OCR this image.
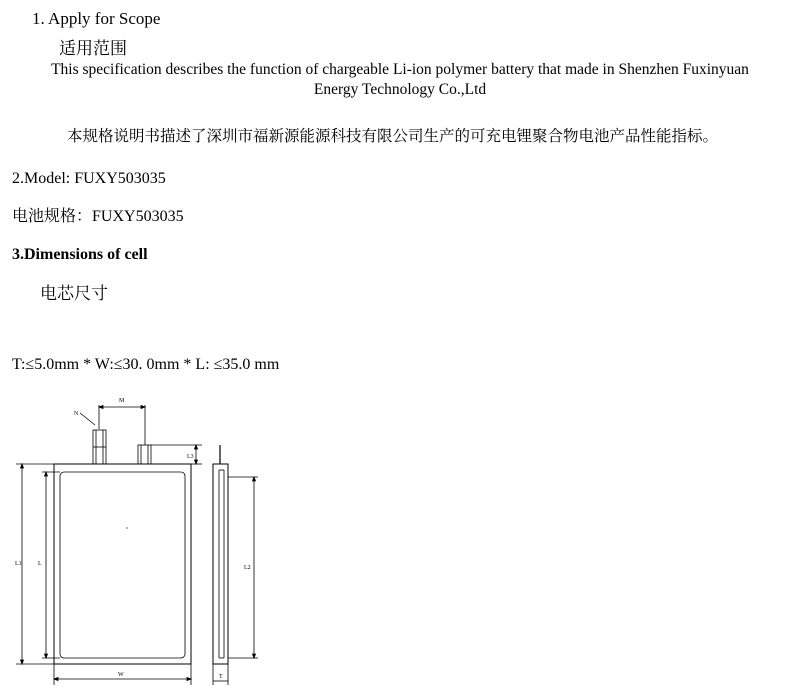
1. Apply for Scope
适用范围
This specification describes the function of chargeable Li-ion polymer battery that made in Shenzhen Fuxinyuan
Energy Technology Co.,Ltd
本规格说明书描述了深圳市福新源能源科技有限公司生产的可充电锂聚合物电池产品性能指标。
2.Model: FUXY503035
电池规格：FUXY503035
3.Dimensions of cell
电芯尺寸
T:≤5.0mm * W:≤30. 0mm * L: ≤35.0 mm
M
N
L3
L1	L
W
L2
T
